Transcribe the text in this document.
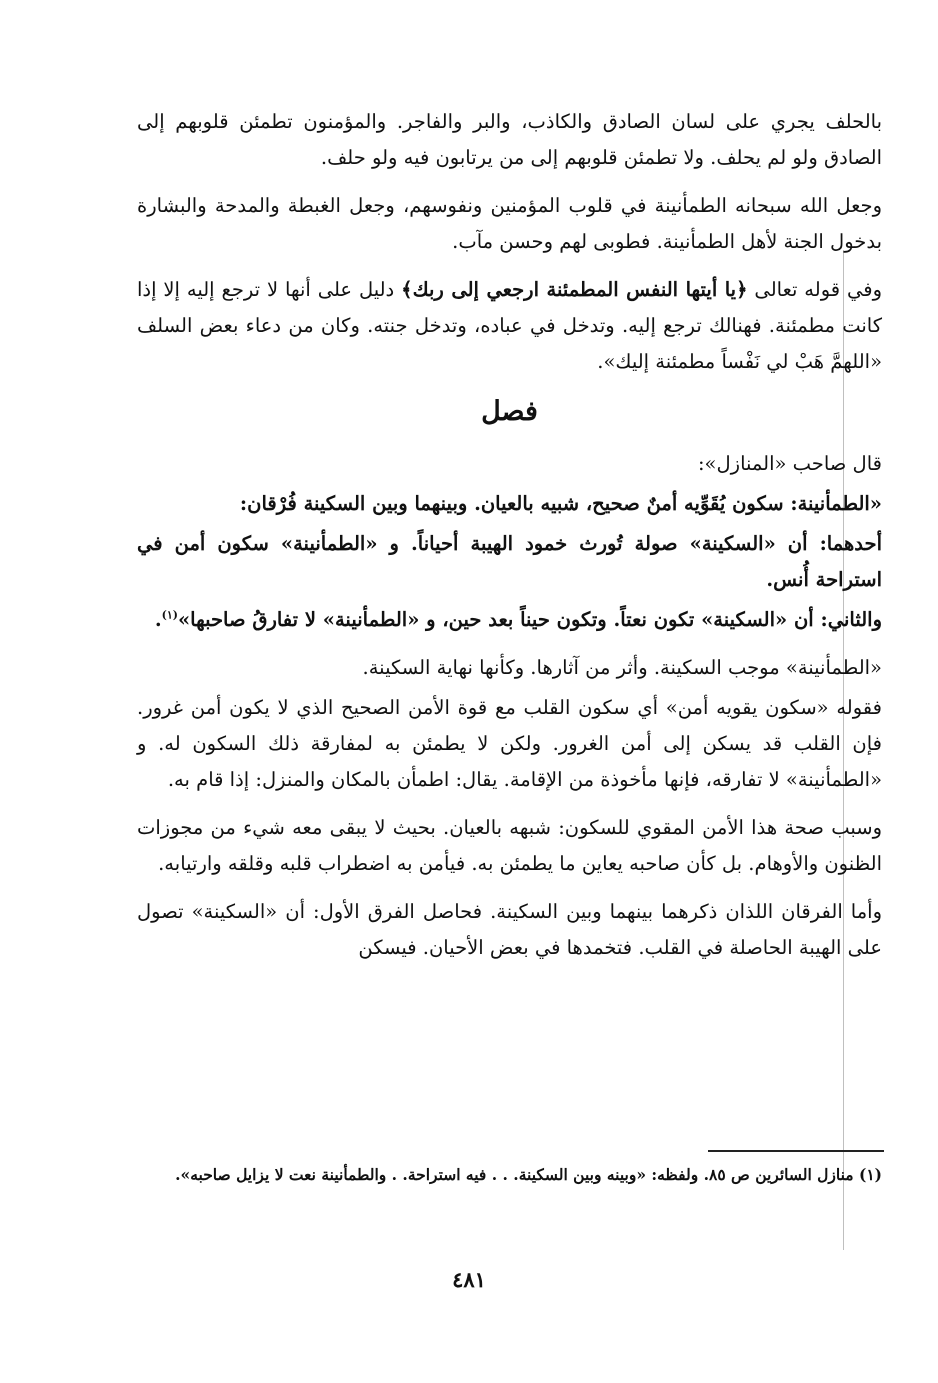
بالحلف يجري على لسان الصادق والكاذب، والبر والفاجر. والمؤمنون تطمئن قلوبهم إلى الصادق ولو لم يحلف. ولا تطمئن قلوبهم إلى من يرتابون فيه ولو حلف.

وجعل الله سبحانه الطمأنينة في قلوب المؤمنين ونفوسهم، وجعل الغبطة والمدحة والبشارة بدخول الجنة لأهل الطمأنينة. فطوبى لهم وحسن مآب.

وفي قوله تعالى ﴿يا أيتها النفس المطمئنة ارجعي إلى ربك﴾ دليل على أنها لا ترجع إليه إلا إذا كانت مطمئنة. فهنالك ترجع إليه. وتدخل في عباده، وتدخل جنته. وكان من دعاء بعض السلف «اللهمَّ هَبْ لي نَفْساً مطمئنة إليك».

فصل

قال صاحب «المنازل»:

«الطمأنينة: سكون يُقَوِّيه أمنٌ صحيح، شبيه بالعيان. وبينهما وبين السكينة فُرْقان:

أحدهما: أن «السكينة» صولة تُورث خمود الهيبة أحياناً. و «الطمأنينة» سكون أمن في استراحة أُنس.

والثاني: أن «السكينة» تكون نعتاً. وتكون حيناً بعد حين، و «الطمأنينة» لا تفارقُ صاحبها»$^{(١)}$.

«الطمأنينة» موجب السكينة. وأثر من آثارها. وكأنها نهاية السكينة.

فقوله «سكون يقويه أمن» أي سكون القلب مع قوة الأمن الصحيح الذي لا يكون أمن غرور. فإن القلب قد يسكن إلى أمن الغرور. ولكن لا يطمئن به لمفارقة ذلك السكون له. و «الطمأنينة» لا تفارقه، فإنها مأخوذة من الإقامة. يقال: اطمأن بالمكان والمنزل: إذا قام به.

وسبب صحة هذا الأمن المقوي للسكون: شبهه بالعيان. بحيث لا يبقى معه شيء من مجوزات الظنون والأوهام. بل كأن صاحبه يعاين ما يطمئن به. فيأمن به اضطراب قلبه وقلقه وارتيابه.

وأما الفرقان اللذان ذكرهما بينهما وبين السكينة. فحاصل الفرق الأول: أن «السكينة» تصول على الهيبة الحاصلة في القلب. فتخمدها في بعض الأحيان. فيسكن

(١) منازل السائرين ص ٨٥. ولفظه: «وبينه وبين السكينة. . . فيه استراحة. . والطمأنينة نعت لا يزايل صاحبه».
٤٨١
